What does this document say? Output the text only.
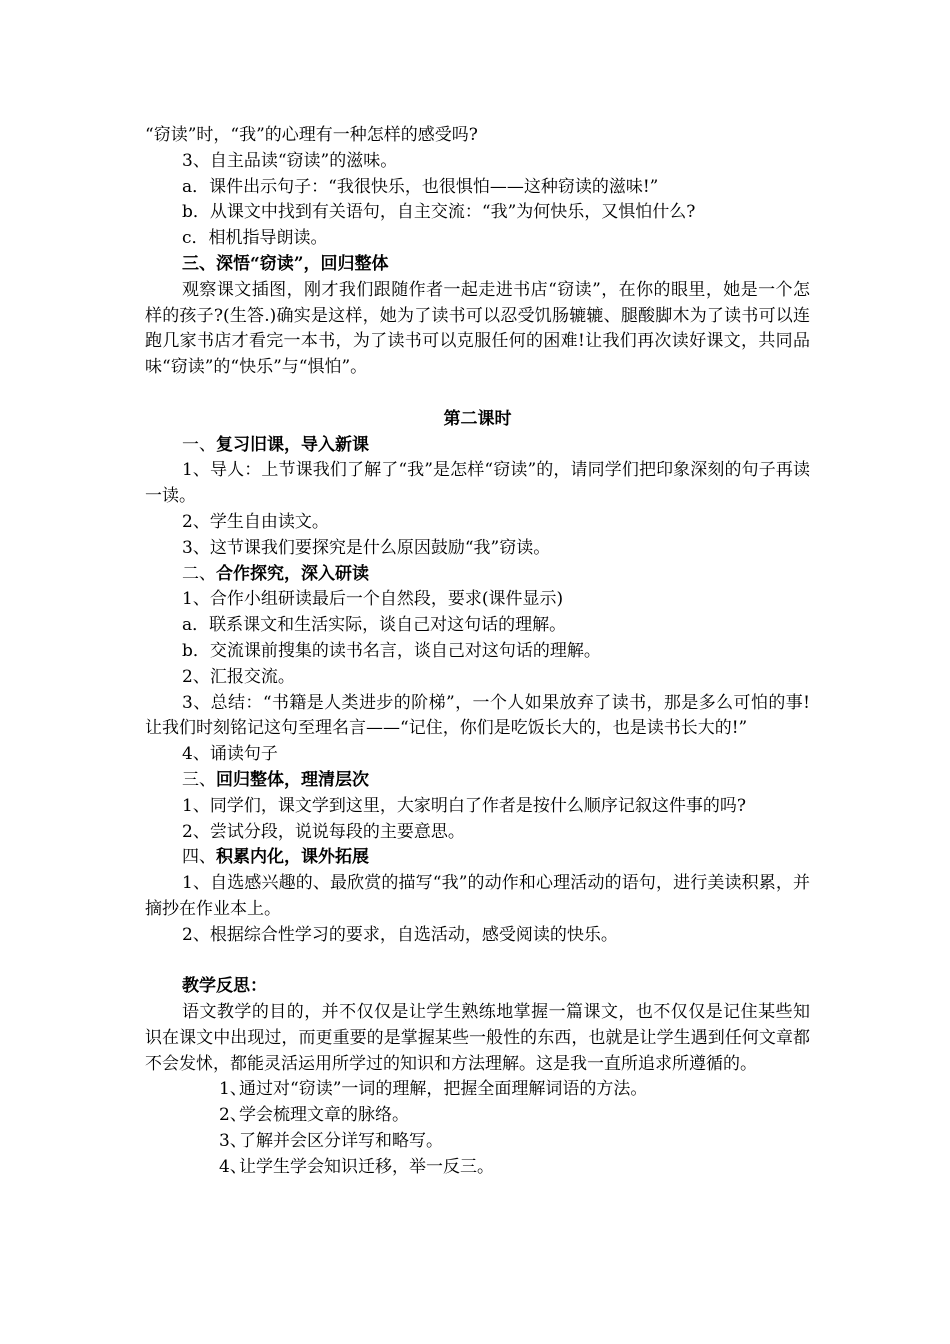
“窃读”时，“我”的心理有一种怎样的感受吗?

3、自主品读“窃读”的滋味。

a．课件出示句子：“我很快乐，也很惧怕——这种窃读的滋味!”

b．从课文中找到有关语句，自主交流：“我”为何快乐，又惧怕什么?

c．相机指导朗读。

三、深悟“窃读”，回归整体

观察课文插图，刚才我们跟随作者一起走进书店“窃读”，在你的眼里，她是一个怎样的孩子?(生答.)确实是这样，她为了读书可以忍受饥肠辘辘、腿酸脚木为了读书可以连跑几家书店才看完一本书，为了读书可以克服任何的困难!让我们再次读好课文，共同品味“窃读”的“快乐”与“惧怕”。

第二课时

一、复习旧课，导入新课

1、导人：上节课我们了解了“我”是怎样“窃读”的，请同学们把印象深刻的句子再读一读。

2、学生自由读文。

3、这节课我们要探究是什么原因鼓励“我”窃读。

二、合作探究，深入研读

1、合作小组研读最后一个自然段，要求(课件显示)

a．联系课文和生活实际，谈自己对这句话的理解。

b．交流课前搜集的读书名言，谈自己对这句话的理解。

2、汇报交流。

3、总结：“书籍是人类进步的阶梯”，一个人如果放弃了读书，那是多么可怕的事!让我们时刻铭记这句至理名言——“记住，你们是吃饭长大的，也是读书长大的!”

4、诵读句子

三、回归整体，理清层次

1、同学们，课文学到这里，大家明白了作者是按什么顺序记叙这件事的吗?

2、尝试分段，说说每段的主要意思。

四、积累内化，课外拓展

1、自选感兴趣的、最欣赏的描写“我”的动作和心理活动的语句，进行美读积累，并摘抄在作业本上。

2、根据综合性学习的要求，自选活动，感受阅读的快乐。

教学反思：

语文教学的目的，并不仅仅是让学生熟练地掌握一篇课文，也不仅仅是记住某些知识在课文中出现过，而更重要的是掌握某些一般性的东西，也就是让学生遇到任何文章都不会发怵，都能灵活运用所学过的知识和方法理解。这是我一直所追求所遵循的。

1、通过对“窃读”一词的理解，把握全面理解词语的方法。

2、学会梳理文章的脉络。

3、了解并会区分详写和略写。

4、让学生学会知识迁移，举一反三。
